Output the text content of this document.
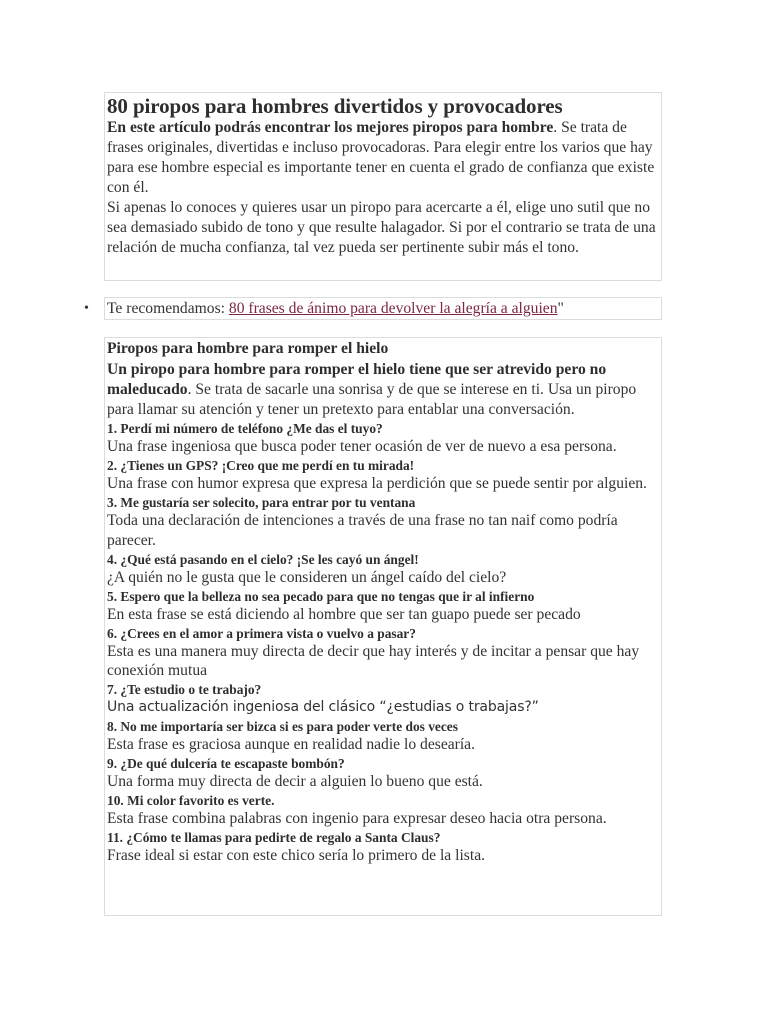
80 piropos para hombres divertidos y provocadores

En este artículo podrás encontrar los mejores piropos para hombre. Se trata de frases originales, divertidas e incluso provocadoras. Para elegir entre los varios que hay para ese hombre especial es importante tener en cuenta el grado de confianza que existe con él.

Si apenas lo conoces y quieres usar un piropo para acercarte a él, elige uno sutil que no sea demasiado subido de tono y que resulte halagador. Si por el contrario se trata de una relación de mucha confianza, tal vez pueda ser pertinente subir más el tono.

• Te recomendamos: 80 frases de ánimo para devolver la alegría a alguien"

Piropos para hombre para romper el hielo

Un piropo para hombre para romper el hielo tiene que ser atrevido pero no maleducado. Se trata de sacarle una sonrisa y de que se interese en ti. Usa un piropo para llamar su atención y tener un pretexto para entablar una conversación.

1. Perdí mi número de teléfono ¿Me das el tuyo?

Una frase ingeniosa que busca poder tener ocasión de ver de nuevo a esa persona.

2. ¿Tienes un GPS? ¡Creo que me perdí en tu mirada!

Una frase con humor expresa que expresa la perdición que se puede sentir por alguien.

3. Me gustaría ser solecito, para entrar por tu ventana

Toda una declaración de intenciones a través de una frase no tan naif como podría parecer.

4. ¿Qué está pasando en el cielo? ¡Se les cayó un ángel!

¿A quién no le gusta que le consideren un ángel caído del cielo?

5. Espero que la belleza no sea pecado para que no tengas que ir al infierno

En esta frase se está diciendo al hombre que ser tan guapo puede ser pecado

6. ¿Crees en el amor a primera vista o vuelvo a pasar?

Esta es una manera muy directa de decir que hay interés y de incitar a pensar que hay conexión mutua

7. ¿Te estudio o te trabajo?

Una actualización ingeniosa del clásico “¿estudias o trabajas?”

8. No me importaría ser bizca si es para poder verte dos veces

Esta frase es graciosa aunque en realidad nadie lo desearía.

9. ¿De qué dulcería te escapaste bombón?

Una forma muy directa de decir a alguien lo bueno que está.

10. Mi color favorito es verte.

Esta frase combina palabras con ingenio para expresar deseo hacia otra persona.

11. ¿Cómo te llamas para pedirte de regalo a Santa Claus?

Frase ideal si estar con este chico sería lo primero de la lista.
